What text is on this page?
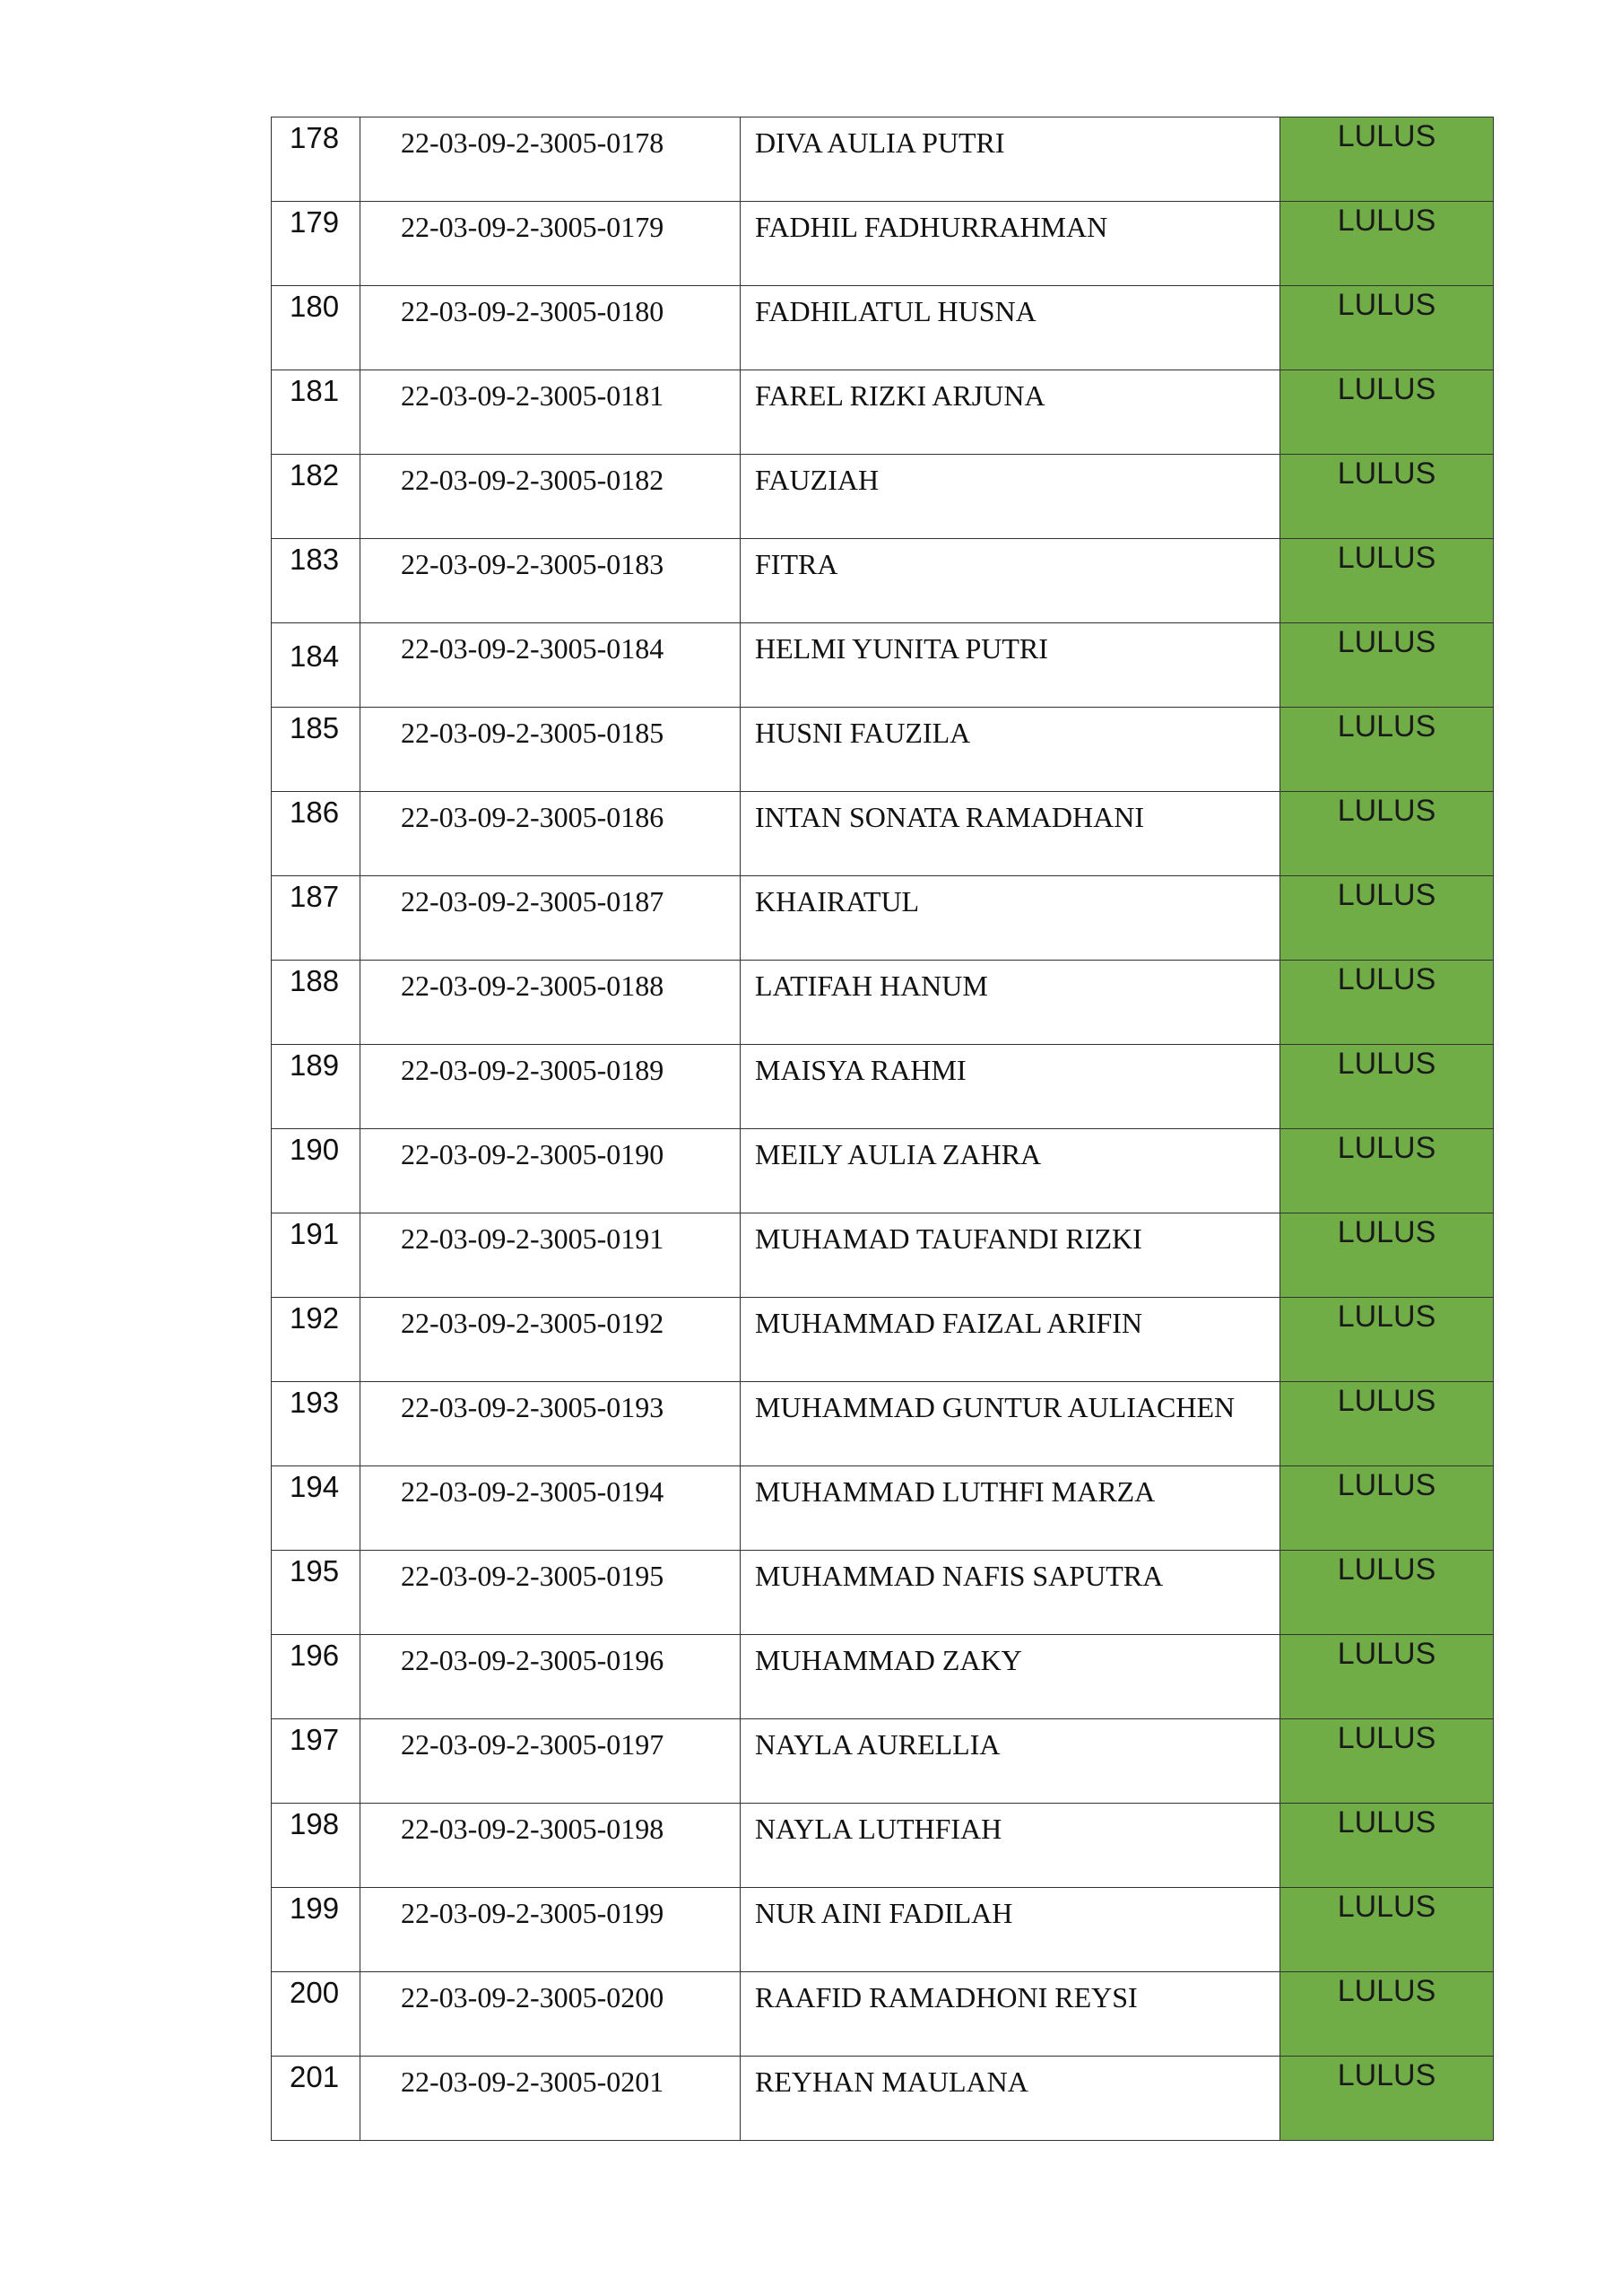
178	22-03-09-2-3005-0178	DIVA AULIA PUTRI	LULUS
179	22-03-09-2-3005-0179	FADHIL FADHURRAHMAN	LULUS
180	22-03-09-2-3005-0180	FADHILATUL HUSNA	LULUS
181	22-03-09-2-3005-0181	FAREL RIZKI ARJUNA	LULUS
182	22-03-09-2-3005-0182	FAUZIAH	LULUS
183	22-03-09-2-3005-0183	FITRA	LULUS
184	22-03-09-2-3005-0184	HELMI YUNITA PUTRI	LULUS
185	22-03-09-2-3005-0185	HUSNI FAUZILA	LULUS
186	22-03-09-2-3005-0186	INTAN SONATA RAMADHANI	LULUS
187	22-03-09-2-3005-0187	KHAIRATUL	LULUS
188	22-03-09-2-3005-0188	LATIFAH HANUM	LULUS
189	22-03-09-2-3005-0189	MAISYA RAHMI	LULUS
190	22-03-09-2-3005-0190	MEILY AULIA ZAHRA	LULUS
191	22-03-09-2-3005-0191	MUHAMAD TAUFANDI RIZKI	LULUS
192	22-03-09-2-3005-0192	MUHAMMAD FAIZAL ARIFIN	LULUS
193	22-03-09-2-3005-0193	MUHAMMAD GUNTUR AULIACHEN	LULUS
194	22-03-09-2-3005-0194	MUHAMMAD LUTHFI MARZA	LULUS
195	22-03-09-2-3005-0195	MUHAMMAD NAFIS SAPUTRA	LULUS
196	22-03-09-2-3005-0196	MUHAMMAD ZAKY	LULUS
197	22-03-09-2-3005-0197	NAYLA AURELLIA	LULUS
198	22-03-09-2-3005-0198	NAYLA LUTHFIAH	LULUS
199	22-03-09-2-3005-0199	NUR AINI FADILAH	LULUS
200	22-03-09-2-3005-0200	RAAFID RAMADHONI REYSI	LULUS
201	22-03-09-2-3005-0201	REYHAN MAULANA	LULUS
